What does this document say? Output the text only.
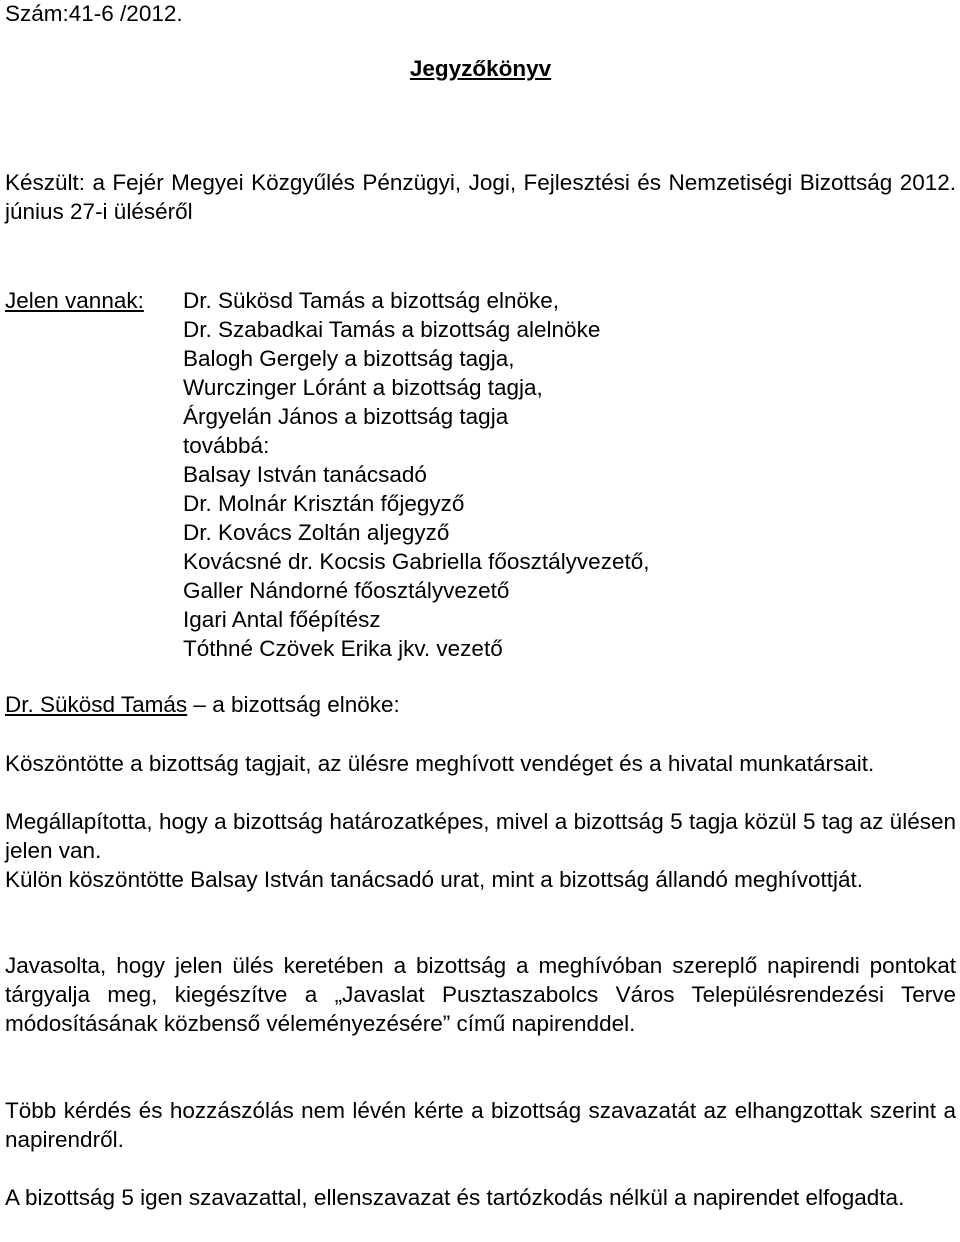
Szám:41-6 /2012.
Jegyzőkönyv
Készült: a Fejér Megyei Közgyűlés Pénzügyi, Jogi, Fejlesztési és Nemzetiségi Bizottság 2012. június 27-i üléséről
Jelen vannak: Dr. Sükösd Tamás a bizottság elnöke,
Dr. Szabadkai Tamás a bizottság alelnöke
Balogh Gergely a bizottság tagja,
Wurczinger Lóránt a bizottság tagja,
Árgyelán János a bizottság tagja
továbbá:
Balsay István tanácsadó
Dr. Molnár Krisztán főjegyző
Dr. Kovács Zoltán aljegyző
Kovácsné dr. Kocsis Gabriella főosztályvezető,
Galler Nándorné főosztályvezető
Igari Antal főépítész
Tóthné Czövek Erika jkv. vezető
Dr. Sükösd Tamás – a bizottság elnöke:
Köszöntötte a bizottság tagjait, az ülésre meghívott vendéget és a hivatal munkatársait.
Megállapította, hogy a bizottság határozatképes, mivel a bizottság 5 tagja közül 5 tag az ülésen jelen van.
Külön köszöntötte Balsay István tanácsadó urat, mint a bizottság állandó meghívottját.
Javasolta, hogy jelen ülés keretében a bizottság a meghívóban szereplő napirendi pontokat tárgyalja meg, kiegészítve a „Javaslat Pusztaszabolcs Város Településrendezési Terve módosításának közbenső véleményezésére” című napirenddel.
Több kérdés és hozzászólás nem lévén kérte a bizottság szavazatát az elhangzottak szerint a napirendről.
A bizottság 5 igen szavazattal, ellenszavazat és tartózkodás nélkül a napirendet elfogadta.
